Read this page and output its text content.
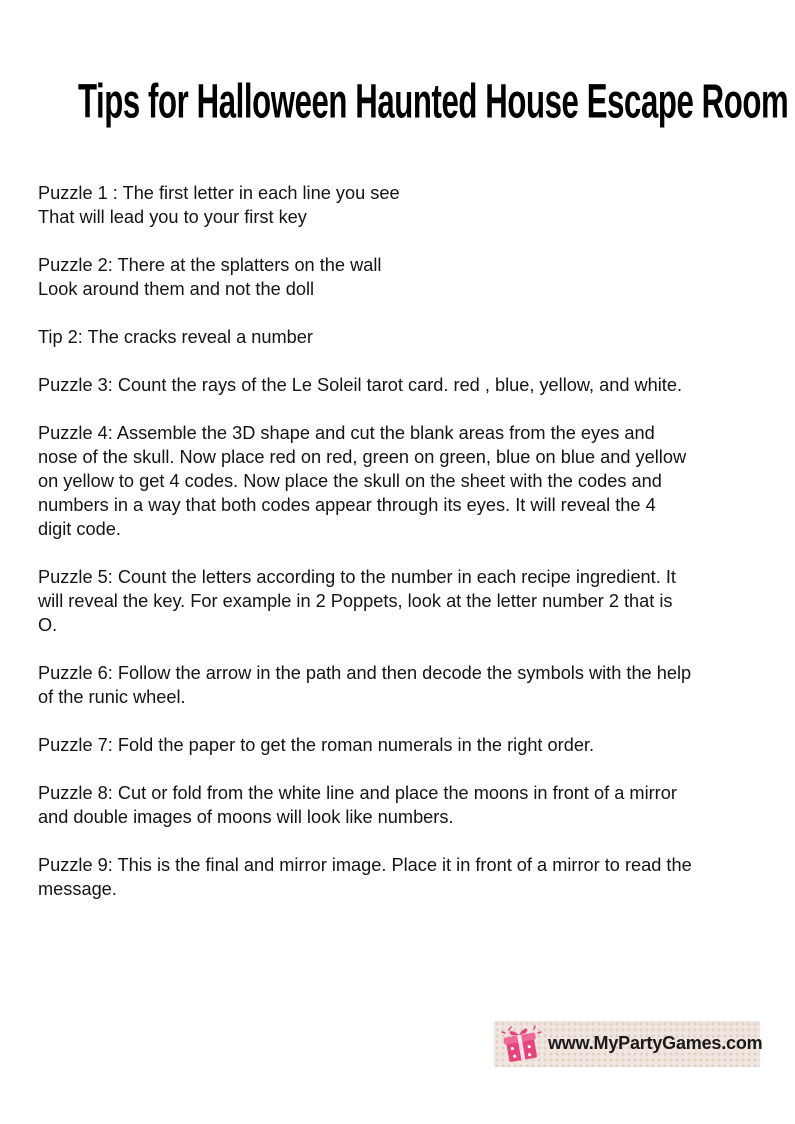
Tips for Halloween Haunted House Escape Room

Puzzle 1 : The first letter in each line you see
That will lead you to your first key

Puzzle 2: There at the splatters on the wall
Look around them and not the doll

Tip 2: The cracks reveal a number

Puzzle 3: Count the rays of the Le Soleil tarot card. red , blue, yellow, and white.

Puzzle 4: Assemble the 3D shape and cut the blank areas from the eyes and
nose of the skull. Now place red on red, green on green, blue on blue and yellow
on yellow to get 4 codes. Now place the skull on the sheet with the codes and
numbers in a way that both codes appear through its eyes. It will reveal the 4
digit code.

Puzzle 5: Count the letters according to the number in each recipe ingredient. It
will reveal the key. For example in 2 Poppets, look at the letter number 2 that is
O.

Puzzle 6: Follow the arrow in the path and then decode the symbols with the help
of the runic wheel.

Puzzle 7: Fold the paper to get the roman numerals in the right order.

Puzzle 8: Cut or fold from the white line and place the moons in front of a mirror
and double images of moons will look like numbers.

Puzzle 9: This is the final and mirror image. Place it in front of a mirror to read the
message.

www.MyPartyGames.com
